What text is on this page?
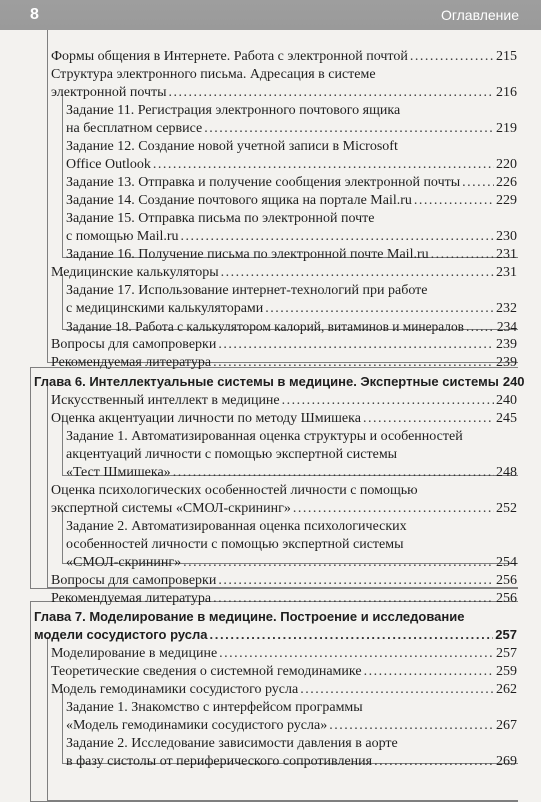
8	Оглавление
Формы общения в Интернете. Работа с электронной почтой . . .	215
Структура электронного письма. Адресация в системе
электронной почты . . .	216
Задание 11. Регистрация электронного почтового ящика
на бесплатном сервисе . . .	219
Задание 12. Создание новой учетной записи в Microsoft
Office Outlook . . .	220
Задание 13. Отправка и получение сообщения электронной почты . . .	226
Задание 14. Создание почтового ящика на портале Mail.ru . . .	229
Задание 15. Отправка письма по электронной почте
с помощью Mail.ru . . .	230
Задание 16. Получение письма по электронной почте Mail.ru . . .	231
Медицинские калькуляторы . . .	231
Задание 17. Использование интернет-технологий при работе
с медицинскими калькуляторами . . .	232
Задание 18. Работа с калькулятором калорий, витаминов и минералов . . . 234
Вопросы для самопроверки . . .	239
Рекомендуемая литература . . .	239
Глава 6. Интеллектуальные системы в медицине. Экспертные системы 240
Искусственный интеллект в медицине . . .	240
Оценка акцентуации личности по методу Шмишека . . .	245
Задание 1. Автоматизированная оценка структуры и особенностей
акцентуаций личности с помощью экспертной системы
«Тест Шмишека» . . .	248
Оценка психологических особенностей личности с помощью
экспертной системы «СМОЛ-скрининг» . . .	252
Задание 2. Автоматизированная оценка психологических
особенностей личности с помощью экспертной системы
«СМОЛ-скрининг» . . .	254
Вопросы для самопроверки . . .	256
Рекомендуемая литература . . .	256
Глава 7. Моделирование в медицине. Построение и исследование
модели сосудистого русла . . .	257
Моделирование в медицине . . .	257
Теоретические сведения о системной гемодинамике . . .	259
Модель гемодинамики сосудистого русла . . .	262
Задание 1. Знакомство с интерфейсом программы
«Модель гемодинамики сосудистого русла» . . .	267
Задание 2. Исследование зависимости давления в аорте
в фазу систолы от периферического сопротивления . . .	269
